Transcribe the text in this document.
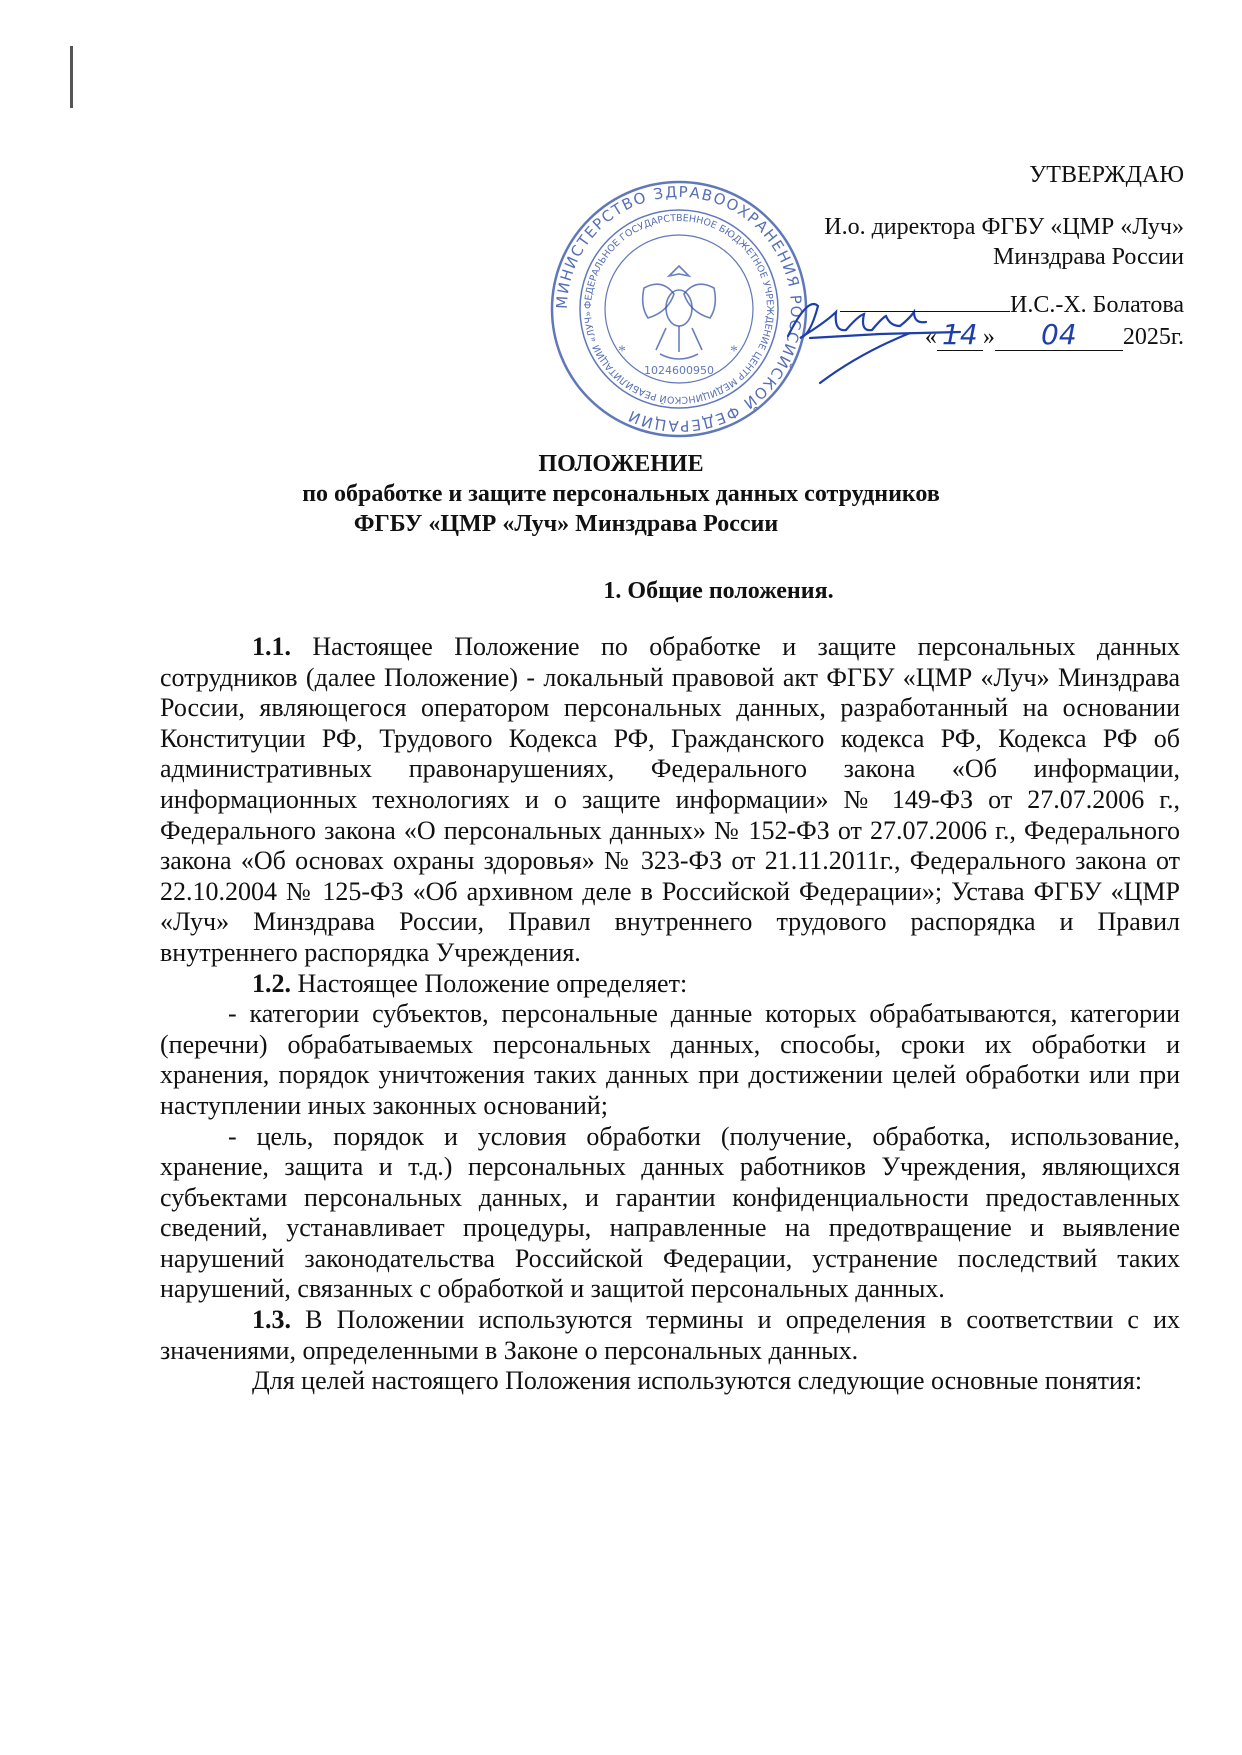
МИНИСТЕРСТВО ЗДРАВООХРАНЕНИЯ РОССИЙСКОЙ ФЕДЕРАЦИИ
ФЕДЕРАЛЬНОЕ ГОСУДАРСТВЕННОЕ БЮДЖЕТНОЕ УЧРЕЖДЕНИЕ ЦЕНТР МЕДИЦИНСКОЙ РЕАБИЛИТАЦИИ «ЛУЧ»
1024600950
*	*
УТВЕРЖДАЮ
И.о. директора ФГБУ «ЦМР «Луч»
Минздрава России
И.С.-Х. Болатова
« 14 » 04 2025г.
ПОЛОЖЕНИЕ
по обработке и защите персональных данных сотрудников
ФГБУ «ЦМР «Луч» Минздрава России
1. Общие положения.

1.1. Настоящее Положение по обработке и защите персональных данных сотрудников (далее Положение) - локальный правовой акт ФГБУ «ЦМР «Луч» Минздрава России, являющегося оператором персональных данных, разработанный на основании Конституции РФ, Трудового Кодекса РФ, Гражданского кодекса РФ, Кодекса РФ об административных правонарушениях, Федерального закона «Об информации, информационных технологиях и о защите информации» № 149-ФЗ от 27.07.2006 г., Федерального закона «О персональных данных» № 152-ФЗ от 27.07.2006 г., Федерального закона «Об основах охраны здоровья» № 323-ФЗ от 21.11.2011г., Федерального закона от 22.10.2004 № 125-ФЗ «Об архивном деле в Российской Федерации»; Устава ФГБУ «ЦМР «Луч» Минздрава России, Правил внутреннего трудового распорядка и Правил внутреннего распорядка Учреждения.

1.2. Настоящее Положение определяет:

- категории субъектов, персональные данные которых обрабатываются, категории (перечни) обрабатываемых персональных данных, способы, сроки их обработки и хранения, порядок уничтожения таких данных при достижении целей обработки или при наступлении иных законных оснований;

- цель, порядок и условия обработки (получение, обработка, использование, хранение, защита и т.д.) персональных данных работников Учреждения, являющихся субъектами персональных данных, и гарантии конфиденциальности предоставленных сведений, устанавливает процедуры, направленные на предотвращение и выявление нарушений законодательства Российской Федерации, устранение последствий таких нарушений, связанных с обработкой и защитой персональных данных.

1.3. В Положении используются термины и определения в соответствии с их значениями, определенными в Законе о персональных данных.

Для целей настоящего Положения используются следующие основные понятия:
